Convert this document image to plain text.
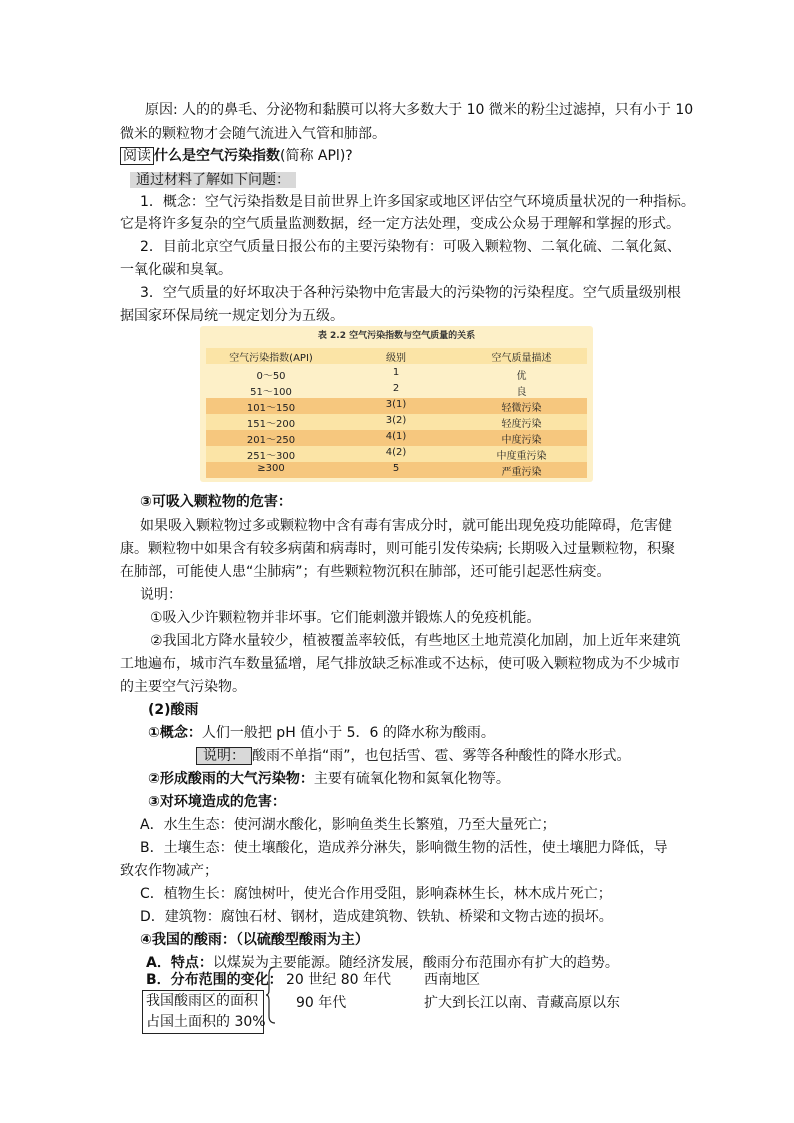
原因: 人的的鼻毛、分泌物和黏膜可以将大多数大于 10 微米的粉尘过滤掉，只有小于 10
微米的颗粒物才会随气流进入气管和肺部。
阅读 什么是空气污染指数(简称 APl)?
通过材料了解如下问题：
1．概念：空气污染指数是目前世界上许多国家或地区评估空气环境质量状况的一种指标。
它是将许多复杂的空气质量监测数据，经一定方法处理，变成公众易于理解和掌握的形式。
2．目前北京空气质量日报公布的主要污染物有：可吸入颗粒物、二氧化硫、二氧化氮、
一氧化碳和臭氧。
3．空气质量的好坏取决于各种污染物中危害最大的污染物的污染程度。空气质量级别根
据国家环保局统一规定划分为五级。
表 2.2 空气污染指数与空气质量的关系
空气污染指数(API)	级别	空气质量描述
0～50	1	优
51～100	2	良
101～150	3(1)	轻微污染
151～200	3(2)	轻度污染
201～250	4(1)	中度污染
251～300	4(2)	中度重污染
≥300	5	严重污染
③可吸入颗粒物的危害：
如果吸入颗粒物过多或颗粒物中含有毒有害成分时，就可能出现免疫功能障碍，危害健
康。颗粒物中如果含有较多病菌和病毒时，则可能引发传染病; 长期吸入过量颗粒物，积聚
在肺部，可能使人患“尘肺病”；有些颗粒物沉积在肺部，还可能引起恶性病变。
说明：
①吸入少许颗粒物并非坏事。它们能刺激并锻炼人的免疫机能。
②我国北方降水量较少，植被覆盖率较低，有些地区土地荒漠化加剧，加上近年来建筑
工地遍布，城市汽车数量猛增，尾气排放缺乏标准或不达标，使可吸入颗粒物成为不少城市
的主要空气污染物。
(2)酸雨
①概念：人们一般把 pH 值小于 5．6 的降水称为酸雨。
说明： 酸雨不单指“雨”，也包括雪、雹、雾等各种酸性的降水形式。
②形成酸雨的大气污染物：主要有硫氧化物和氮氧化物等。
③对环境造成的危害：
A．水生生态：使河湖水酸化，影响鱼类生长繁殖，乃至大量死亡；
B．土壤生态：使土壤酸化，造成养分淋失，影响微生物的活性，使土壤肥力降低，导
致农作物减产；
C．植物生长：腐蚀树叶，使光合作用受阻，影响森林生长，林木成片死亡；
D．建筑物：腐蚀石材、钢材，造成建筑物、铁轨、桥梁和文物古迹的损坏。
④我国的酸雨：（以硫酸型酸雨为主）
A．特点：以煤炭为主要能源。随经济发展，酸雨分布范围亦有扩大的趋势。
B．分布范围的变化：
我国酸雨区的面积
占国土面积的 30%
20 世纪 80 年代 西南地区
90 年代	扩大到长江以南、青藏高原以东
